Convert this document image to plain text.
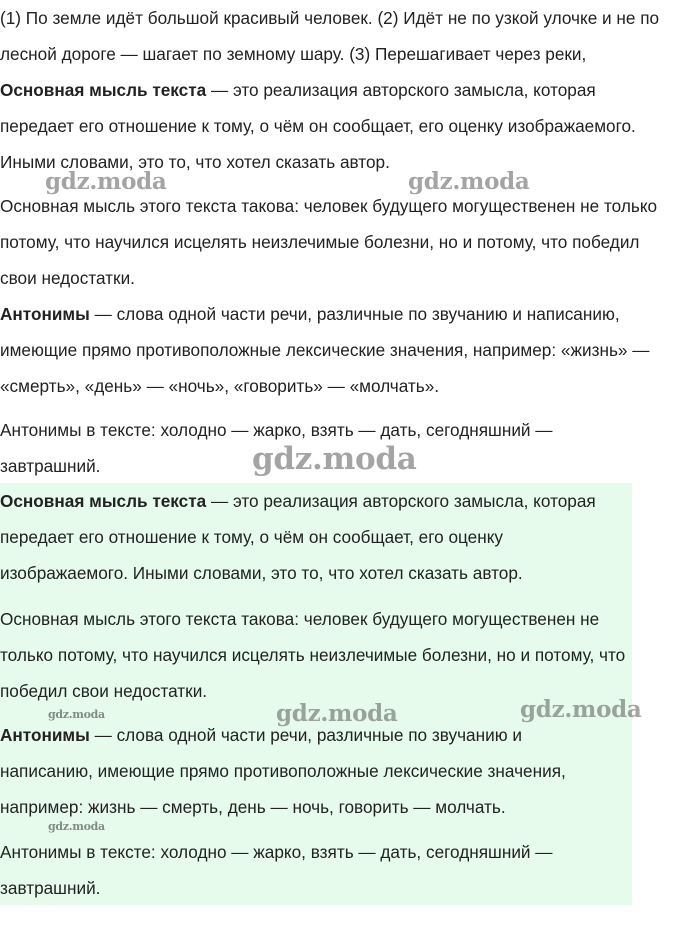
(1) По земле идёт большой красивый человек. (2) Идёт не по узкой улочке и не по лесной дороге — шагает по земному шару. (3) Перешагивает через реки,

Основная мысль текста — это реализация авторского замысла, которая передает его отношение к тому, о чём он сообщает, его оценку изображаемого. Иными словами, это то, что хотел сказать автор.

Основная мысль этого текста такова: человек будущего могущественен не только потому, что научился исцелять неизлечимые болезни, но и потому, что победил свои недостатки.

Антонимы — слова одной части речи, различные по звучанию и написанию, имеющие прямо противоположные лексические значения, например: «жизнь» — «смерть», «день» — «ночь», «говорить» — «молчать».

Антонимы в тексте: холодно — жарко, взять — дать, сегодняшний — завтрашний.

Основная мысль текста — это реализация авторского замысла, которая передает его отношение к тому, о чём он сообщает, его оценку изображаемого. Иными словами, это то, что хотел сказать автор.

Основная мысль этого текста такова: человек будущего могущественен не только потому, что научился исцелять неизлечимые болезни, но и потому, что победил свои недостатки.

Антонимы — слова одной части речи, различные по звучанию и написанию, имеющие прямо противоположные лексические значения, например: жизнь — смерть, день — ночь, говорить — молчать.

Антонимы в тексте: холодно — жарко, взять — дать, сегодняшний — завтрашний.

gdz.moda	gdz.moda
gdz.moda
gdz.moda	gdz.moda	gdz.moda
gdz.moda
